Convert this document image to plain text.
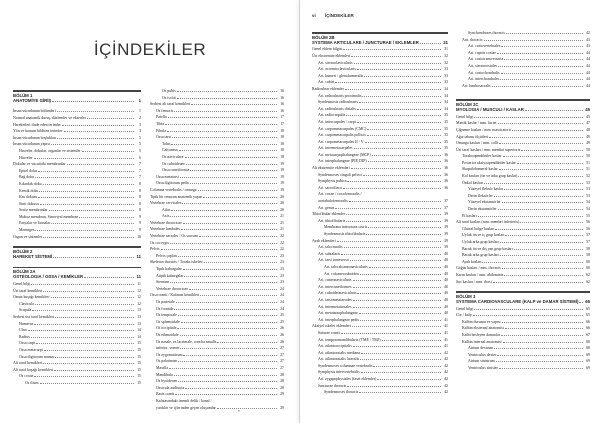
İÇİNDEKİLER
BÖLÜM 1
ANATOMİYE GİRİŞ	1
İnsan vücudunun bölümleri	1
Normal anatomik duruş, düzlemler ve eksenler	2
Hareketleri ifade eden terimler	3
Yön ve konum bildiren terimler	3
İnsan vücudunun boşlukları	5
İnsan vücudunun yapısı	5
Hücreler, dokular, organlar ve sistemler	5
Hücreler	6
Dokular ve vücuttaki membranlar	7
Epitel doku	7
Bağ doku	7
Kıkırdak doku	8
Kemik doku	8
Kas dokusu	8
Sinir dokusu	8
Seröz membranlar	8
Mukoz membran, Sinoviyal membran	9
Fasyalar ve bursalar	9
Meninges	9
Organ ve sistemler	10
BÖLÜM 2
HAREKET SİSTEMİ	11
BÖLÜM 2A
OSTEOLOGIA / OSSA / KEMİKLER	11
Genel bilgi	11
Üst taraf kemikleri	12
Omuz kuşağı kemikleri	12
Clavicula	12
Scapula	13
Serbest üst taraf kemikleri	13
Humerus	13
Ulna	14
Radius	14
Ossa carpi	15
Ossa metacarpi	15
Ossa digitorum manus	15
Alt taraf kemikleri	15
Alt taraf kuşağı kemikleri	15
Os coxae	15
Os ilium	15
Os pubis	16
Os ischii	16
Serbest alt taraf kemikleri	16
Os femoris	16
Patella	17
Tibia	17
Fibula	18
Ossa tarsi	18
Talus	18
Calcaneus	18
Os naviculare	18
Os cuboideum	19
Ossa cuneiformia	19
Ossa metatarsi	19
Ossa digitorum pedis	19
Columna vertebralis / omurga	19
Tipik bir omurun anatomik yapısı	20
Vertebrae cervicales	20
Atlas	20
Axis	21
Vertebrae thoracicae	21
Vertebrae lumbales	21
Vertebrae sacrales / Os sacrum	22
Os coccygis	22
Pelvis	22
Pelvis çapları	23
Skeleton thoracis / Toraks iskeleti	23
Tipik kaburgalar	23
Atipik kaburgalar	23
Sternum	23
Vertebrae thoracicae	24
Ossa cranii / Kafatası kemikleri	24
Os parietale	24
Os frontale	24
Os temporale	25
Os sphenoidale	25
Os occipitale	26
Os ethmoidale	26
Os nasale, os lacrimale, concha nasalis	26
inferior, vomer	27
Os zygomaticum	27
Os palatinum	27
Maxilla	27
Mandibula	28
Os hyoideum	28
Ossicula auditoria	28
Basis cranii	29
Kafatasındaki önemli delik / kanal /
yarıklar ve içlerinden geçen oluşumlar	29
v
vi İÇİNDEKİLER
BÖLÜM 2B
SYSTEMA ARTICULARE / JUNCTURAE / EKLEMLER	31
Genel eklem bilgisi	31
Üst ekstremite eklemleri	32
Art. sternoclavicularis	32
Art. acromioclavicularis	33
Art. humeri / glenohumeralis	33
Art. cubiti	33
Radioulnar eklemler	34
Art. radioulnaris proximalis	34
Syndesmosis radioulnaris	34
Art. radioulnaris distalis	34
Art. radiocarpalis	35
Art. intercarpales / carpi	35
Art. carpometacarpales (CMC)	35
Art. carpometacarpalis pollicis	35
Art. carpometacarpales II - V	35
Art. intermetacarpales	35
Art. metacarpophalangeae (MCP)	36
Art. interphalangeae (PIP, DIP)	36
Alt ekstremite eklemleri	36
Syndesmoses cinguli pelvici	36
Symphysis pubica	36
Art. sacroiliaca	36
Art. coxae / coxofemoralis /
acetabulofemoralis	37
Art. genus	37
Tibiofibular eklemler	39
Art. tibiofibularis	39
Membrana interossea cruris	39
Syndesmosis tibiofibularis	39
Ayak eklemleri	39
Art. talocruralis	39
Art. subtalaris	40
Art. tarsi transversa	40
Art. talocalcaneonavicularis	40
Art. calcaneocuboidea	40
Art. cuneonavicularis	40
Art. intercuneiformes	40
Art. cuboideonavicularis	40
Art. tarsometatarsales	40
Art. intermetatarsales	40
Art. metatarsophalangeae	40
Art. interphalangeae pedis	41
Aksiyel iskelet eklemleri	41
Suturae cranii	41
Art. temporomandibularis (TME / TMJ)	41
Art. atlantooccipitalis	41
Art. atlantoaxialis mediana	42
Art. atlantoaxialis lateralis	42
Syndesmoses columnae vertebralis	42
Symphysis intervertebralis	42
Art. zygapophysiales (faset eklemler)	42
Juncturae thoracis	42
Syndesmoses thoracis	42
Synchondroses thoracis	42
Artt. thoracis	43
Art. costovertebrales	43
Art. capitis costae	44
Art. costotransversaria	44
Art. sternocostales	44
Art. costochondralis	44
Art. interchondrales	44
Art. lumbosacralis	44
BÖLÜM 2C
MYOLOGIA / MUSCULI / KASLAR	45
Genel bilgi	45
Mimik kaslar / mm. faciei	47
Çiğneme kasları / mm. masticatorii	48
Ağız tabanı ölçütleri	49
Omurga kasları / mm. colli	49
Üst taraf kasları / mm. membri superioris	50
Torakoapendiküler kaslar	50
Posterior aksiyoapendiküler kaslar	51
Skapulohumeral kaslar	51
Kol kasları (ön ve arka grup kaslar)	52
Önkol kasları	53
Yüzeyel fleksör kaslar	53
Derin fleksörler	53
Yüzeyel ekstansörler	54
Derin ekstansörler	54
El kasları	55
Alt taraf kasları (mm. membri inferioris)	56
Gluteal bölge kasları	56
Uyluk ön ve iç grup kasları	57
Uyluk arka grup kasları	57
Bacak ön ve dış yan grup kasları	58
Bacak arka grup kasları	58
Ayak kasları	60
Göğüs kasları / mm. thoracis	60
Karın kasları / mm. abdominis	62
Sırt kasları / mm. dorsi	62
BÖLÜM 3
SYSTEMA CARDIOVASCULARE (KALP ve DAMAR SİSTEMİ) 65
Genel bilgi	65
Cor / kalp	65
Kalbin durumu ve yapısı	66
Kalbin eksternal anatomisi	66
Kalbi besleyen damarlar	67
Kalbin internal anatomisi	68
Atrium dextrum	68
Ventriculus dexter	69
Atrium sinistrum	69
Ventriculus sinister	69
